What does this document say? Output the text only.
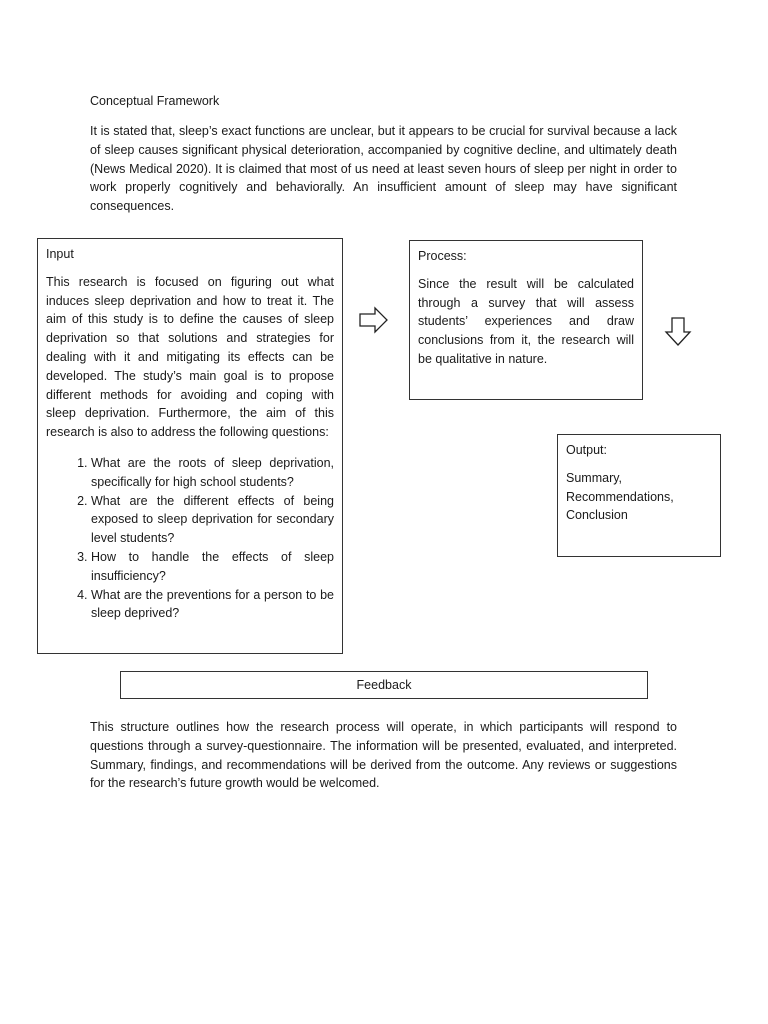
Conceptual Framework
It is stated that, sleep’s exact functions are unclear, but it appears to be crucial for survival because a lack of sleep causes significant physical deterioration, accompanied by cognitive decline, and ultimately death (News Medical 2020). It is claimed that most of us need at least seven hours of sleep per night in order to work properly cognitively and behaviorally. An insufficient amount of sleep may have significant consequences.
Input
This research is focused on figuring out what induces sleep deprivation and how to treat it. The aim of this study is to define the causes of sleep deprivation so that solutions and strategies for dealing with it and mitigating its effects can be developed. The study’s main goal is to propose different methods for avoiding and coping with sleep deprivation. Furthermore, the aim of this research is also to address the following questions:
1. What are the roots of sleep deprivation, specifically for high school students?
2. What are the different effects of being exposed to sleep deprivation for secondary level students?
3. How to handle the effects of sleep insufficiency?
4. What are the preventions for a person to be sleep deprived?
Process:
Since the result will be calculated through a survey that will assess students’ experiences and draw conclusions from it, the research will be qualitative in nature.
Output:
Summary,
Recommendations,
Conclusion
Feedback
This structure outlines how the research process will operate, in which participants will respond to questions through a survey-questionnaire. The information will be presented, evaluated, and interpreted. Summary, findings, and recommendations will be derived from the outcome. Any reviews or suggestions for the research’s future growth would be welcomed.
